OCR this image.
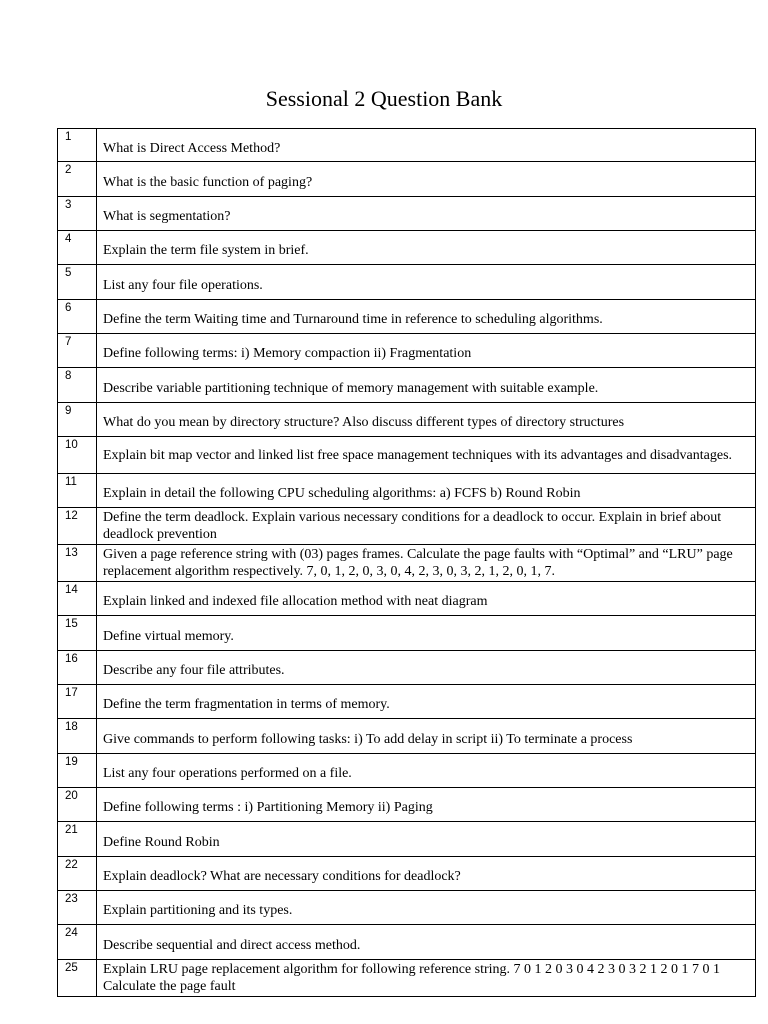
Sessional 2 Question Bank
1	What is Direct Access Method?

2	What is the basic function of paging?

3	What is segmentation?

4	Explain the term file system in brief.

5	List any four file operations.

6	Define the term Waiting time and Turnaround time in reference to scheduling algorithms.

7	Define following terms: i) Memory compaction ii) Fragmentation

8	Describe variable partitioning technique of memory management with suitable example.

9	What do you mean by directory structure? Also discuss different types of directory structures

10	Explain bit map vector and linked list free space management techniques with its advantages and disadvantages.

11	Explain in detail the following CPU scheduling algorithms: a) FCFS b) Round Robin

12	Define the term deadlock. Explain various necessary conditions for a deadlock to occur. Explain in brief about deadlock prevention

13	Given a page reference string with (03) pages frames. Calculate the page faults with “Optimal” and “LRU” page replacement algorithm respectively. 7, 0, 1, 2, 0, 3, 0, 4, 2, 3, 0, 3, 2, 1, 2, 0, 1, 7.

14	Explain linked and indexed file allocation method with neat diagram

15	Define virtual memory.

16	Describe any four file attributes.

17	Define the term fragmentation in terms of memory.

18	Give commands to perform following tasks: i) To add delay in script ii) To terminate a process

19	List any four operations performed on a file.

20	Define following terms : i) Partitioning Memory ii) Paging

21	Define Round Robin

22	Explain deadlock? What are necessary conditions for deadlock?

23	Explain partitioning and its types.

24	Describe sequential and direct access method.

25	Explain LRU page replacement algorithm for following reference string. 7 0 1 2 0 3 0 4 2 3 0 3 2 1 2 0 1 7 0 1 Calculate the page fault
